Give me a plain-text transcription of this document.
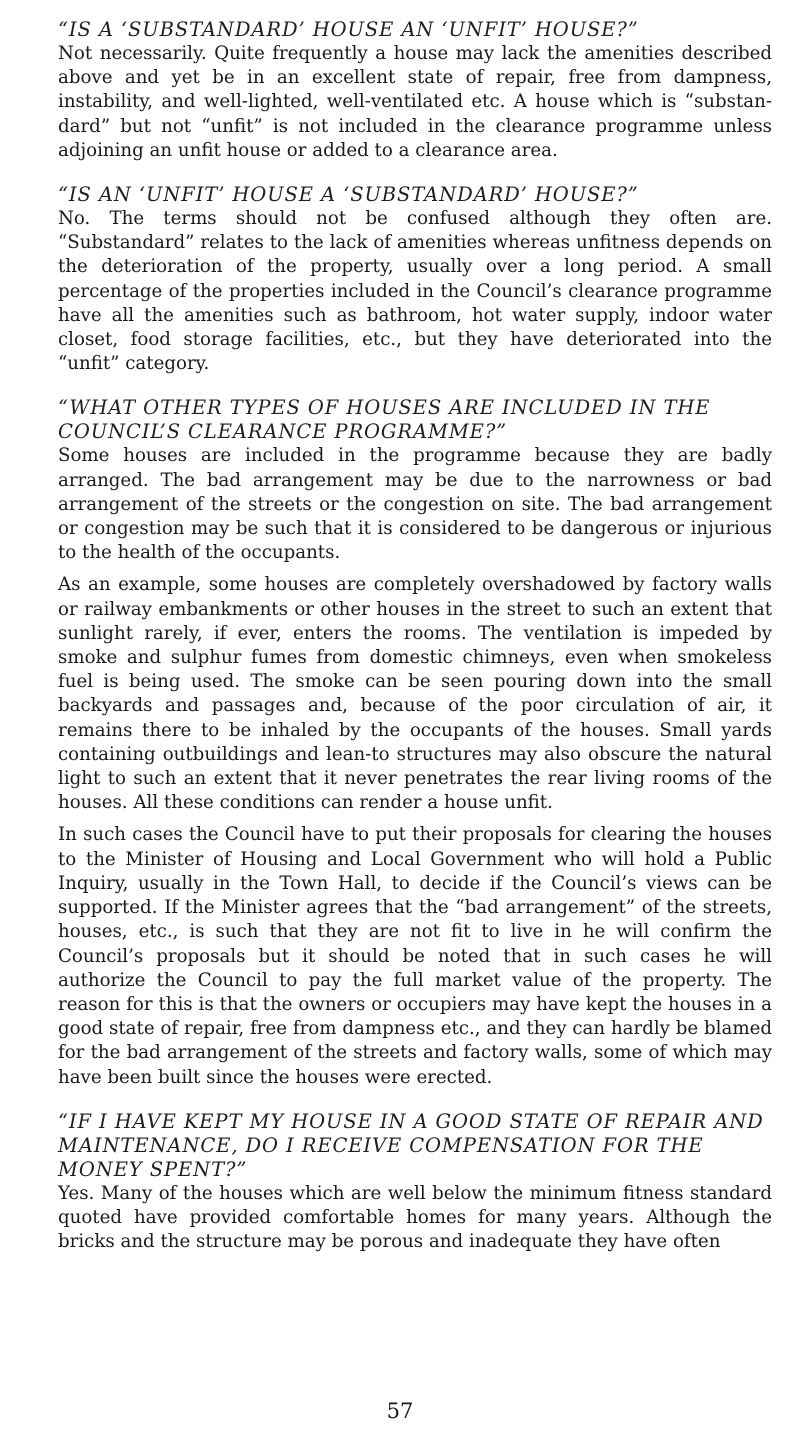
“IS A ‘SUBSTANDARD’ HOUSE AN ‘UNFIT’ HOUSE?”

Not necessarily. Quite frequently a house may lack the amenities described above and yet be in an excellent state of repair, free from dampness, instability, and well-lighted, well-ventilated etc. A house which is “substan-dard” but not “unfit” is not included in the clearance programme unless adjoining an unfit house or added to a clearance area.

“IS AN ‘UNFIT’ HOUSE A ‘SUBSTANDARD’ HOUSE?”

No. The terms should not be confused although they often are. “Substandard” relates to the lack of amenities whereas unfitness depends on the deterioration of the property, usually over a long period. A small percentage of the properties included in the Council’s clearance programme have all the amenities such as bathroom, hot water supply, indoor water closet, food storage facilities, etc., but they have deteriorated into the “unfit” category.

“WHAT OTHER TYPES OF HOUSES ARE INCLUDED IN THE COUNCIL’S CLEARANCE PROGRAMME?”

Some houses are included in the programme because they are badly arranged. The bad arrangement may be due to the narrowness or bad arrangement of the streets or the congestion on site. The bad arrangement or congestion may be such that it is considered to be dangerous or injurious to the health of the occupants.

As an example, some houses are completely overshadowed by factory walls or railway embankments or other houses in the street to such an extent that sunlight rarely, if ever, enters the rooms. The ventilation is impeded by smoke and sulphur fumes from domestic chimneys, even when smokeless fuel is being used. The smoke can be seen pouring down into the small backyards and passages and, because of the poor circulation of air, it remains there to be inhaled by the occupants of the houses. Small yards containing outbuildings and lean-to structures may also obscure the natural light to such an extent that it never penetrates the rear living rooms of the houses. All these conditions can render a house unfit.

In such cases the Council have to put their proposals for clearing the houses to the Minister of Housing and Local Government who will hold a Public Inquiry, usually in the Town Hall, to decide if the Council’s views can be supported. If the Minister agrees that the “bad arrangement” of the streets, houses, etc., is such that they are not fit to live in he will confirm the Council’s proposals but it should be noted that in such cases he will authorize the Council to pay the full market value of the property. The reason for this is that the owners or occupiers may have kept the houses in a good state of repair, free from dampness etc., and they can hardly be blamed for the bad arrangement of the streets and factory walls, some of which may have been built since the houses were erected.

“IF I HAVE KEPT MY HOUSE IN A GOOD STATE OF REPAIR AND MAINTENANCE, DO I RECEIVE COMPENSATION FOR THE MONEY SPENT?”

Yes. Many of the houses which are well below the minimum fitness standard quoted have provided comfortable homes for many years. Although the bricks and the structure may be porous and inadequate they have often

57
